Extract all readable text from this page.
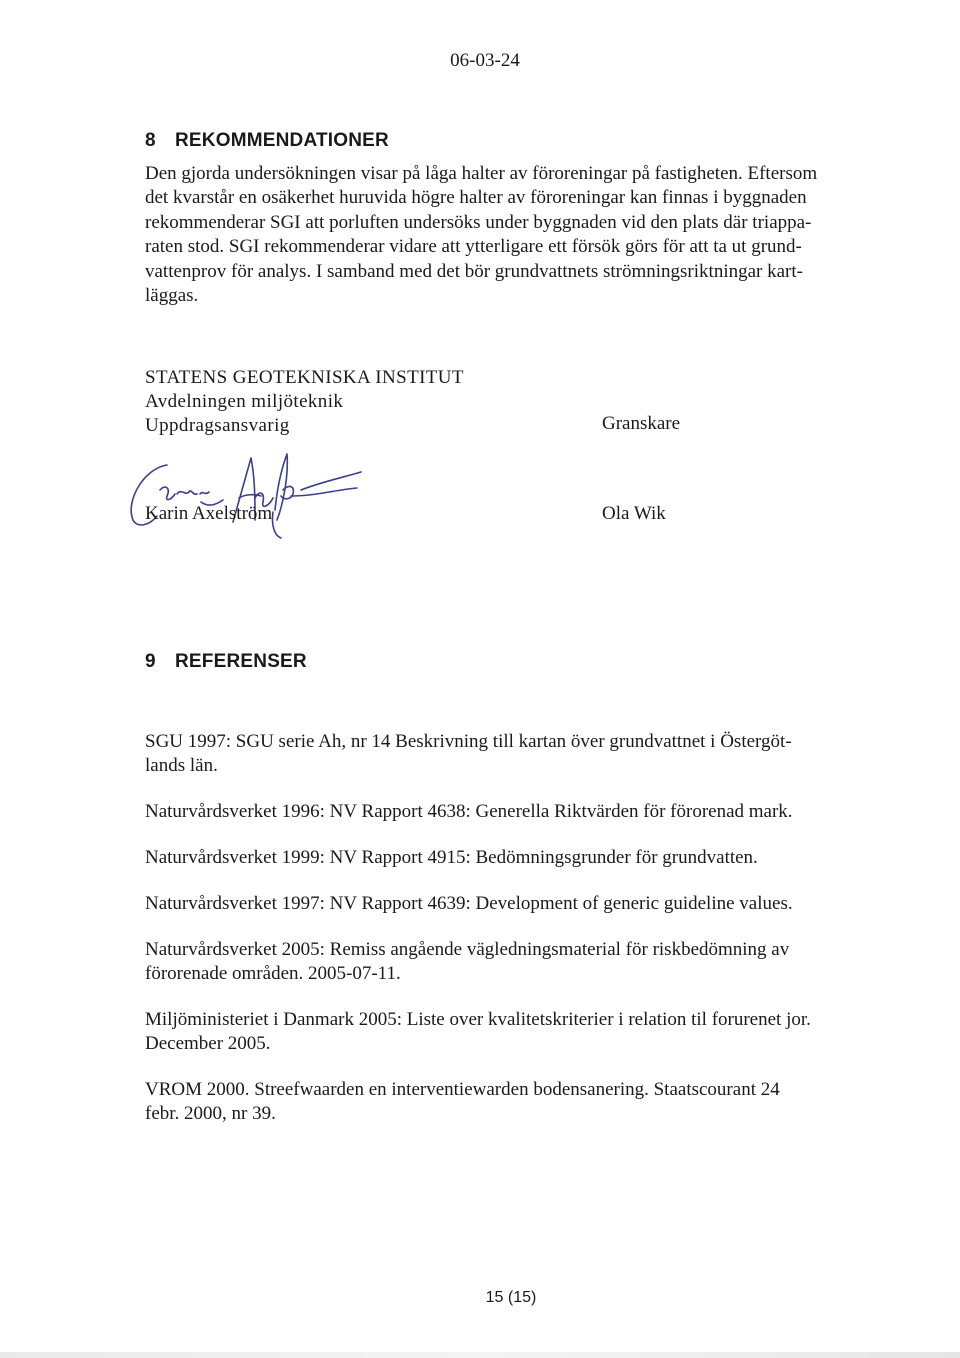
06-03-24
8 REKOMMENDATIONER

Den gjorda undersökningen visar på låga halter av föroreningar på fastigheten. Eftersom
det kvarstår en osäkerhet huruvida högre halter av föroreningar kan finnas i byggnaden
rekommenderar SGI att porluften undersöks under byggnaden vid den plats där triappa-
raten stod. SGI rekommenderar vidare att ytterligare ett försök görs för att ta ut grund-
vattenprov för analys. I samband med det bör grundvattnets strömningsriktningar kart-
läggas.

STATENS GEOTEKNISKA INSTITUT
Avdelningen miljöteknik
Uppdragsansvarig	Granskare
Karin Axelström	Ola Wik
9 REFERENSER
SGU 1997: SGU serie Ah, nr 14 Beskrivning till kartan över grundvattnet i Östergöt-
lands län.
Naturvårdsverket 1996: NV Rapport 4638: Generella Riktvärden för förorenad mark.
Naturvårdsverket 1999: NV Rapport 4915: Bedömningsgrunder för grundvatten.
Naturvårdsverket 1997: NV Rapport 4639: Development of generic guideline values.
Naturvårdsverket 2005: Remiss angående vägledningsmaterial för riskbedömning av
förorenade områden. 2005-07-11.
Miljöministeriet i Danmark 2005: Liste over kvalitetskriterier i relation til forurenet jor.
December 2005.
VROM 2000. Streefwaarden en interventiewarden bodensanering. Staatscourant 24
febr. 2000, nr 39.
15 (15)
